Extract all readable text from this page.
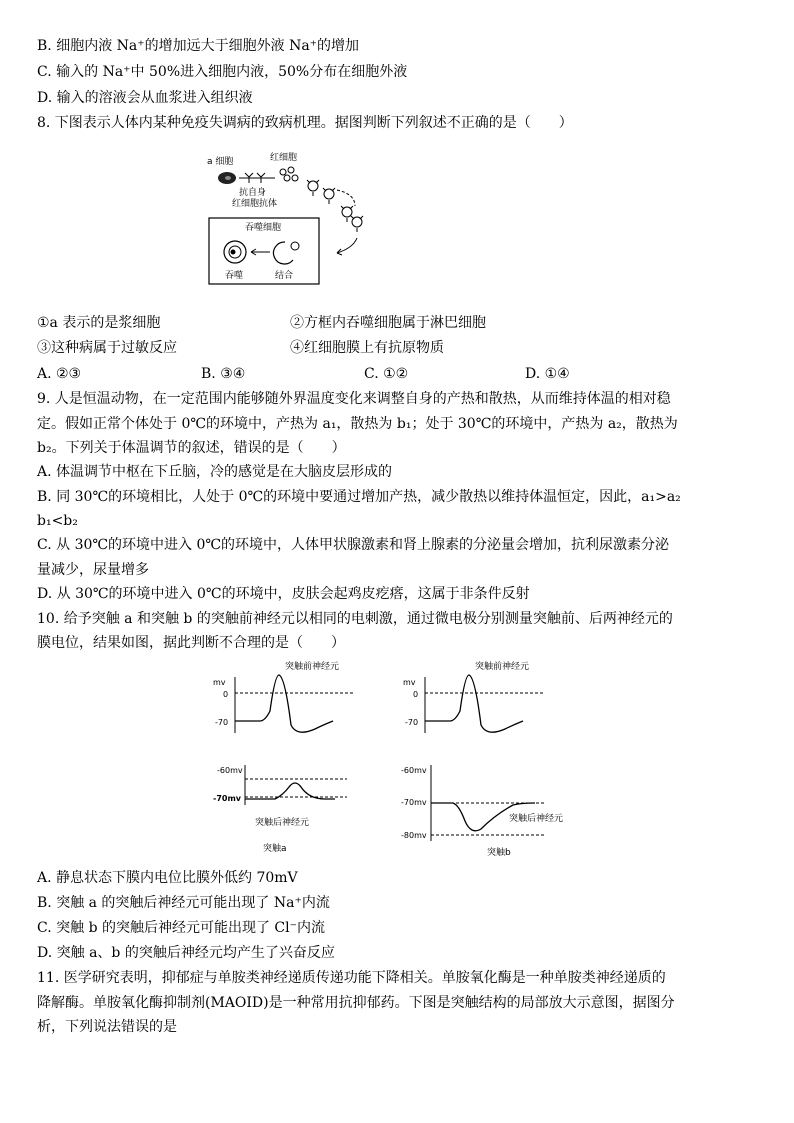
B. 细胞内液 Na⁺的增加远大于细胞外液 Na⁺的增加
C. 输入的 Na⁺中 50%进入细胞内液，50%分布在细胞外液
D. 输入的溶液会从血浆进入组织液
8. 下图表示人体内某种免疫失调病的致病机理。据图判断下列叙述不正确的是（　　）
a 细胞	红细胞
抗自身
红细胞抗体
吞噬细胞
吞噬	结合
①a 表示的是浆细胞	②方框内吞噬细胞属于淋巴细胞
③这种病属于过敏反应	④红细胞膜上有抗原物质
A. ②③	B. ③④	C. ①②	D. ①④
9. 人是恒温动物，在一定范围内能够随外界温度变化来调整自身的产热和散热，从而维持体温的相对稳
定。假如正常个体处于 0℃的环境中，产热为 a₁，散热为 b₁；处于 30℃的环境中，产热为 a₂，散热为
b₂。下列关于体温调节的叙述，错误的是（　　）
A. 体温调节中枢在下丘脑，冷的感觉是在大脑皮层形成的
B. 同 30℃的环境相比，人处于 0℃的环境中要通过增加产热，减少散热以维持体温恒定，因此，a₁>a₂
b₁<b₂
C. 从 30℃的环境中进入 0℃的环境中，人体甲状腺激素和肾上腺素的分泌量会增加，抗利尿激素分泌
量减少，尿量增多
D. 从 30℃的环境中进入 0℃的环境中，皮肤会起鸡皮疙瘩，这属于非条件反射
10. 给予突触 a 和突触 b 的突触前神经元以相同的电刺激，通过微电极分别测量突触前、后两神经元的
膜电位，结果如图，据此判断不合理的是（　　）
突触前神经元
mv
0
-70
-60mv
-70mv
突触后神经元
突触a
突触前神经元
mv
0
-70
-60mv
-70mv
-80mv
突触后神经元
突触b
A. 静息状态下膜内电位比膜外低约 70mV
B. 突触 a 的突触后神经元可能出现了 Na⁺内流
C. 突触 b 的突触后神经元可能出现了 Cl⁻内流
D. 突触 a、b 的突触后神经元均产生了兴奋反应
11. 医学研究表明，抑郁症与单胺类神经递质传递功能下降相关。单胺氧化酶是一种单胺类神经递质的
降解酶。单胺氧化酶抑制剂(MAOID)是一种常用抗抑郁药。下图是突触结构的局部放大示意图，据图分
析，下列说法错误的是
